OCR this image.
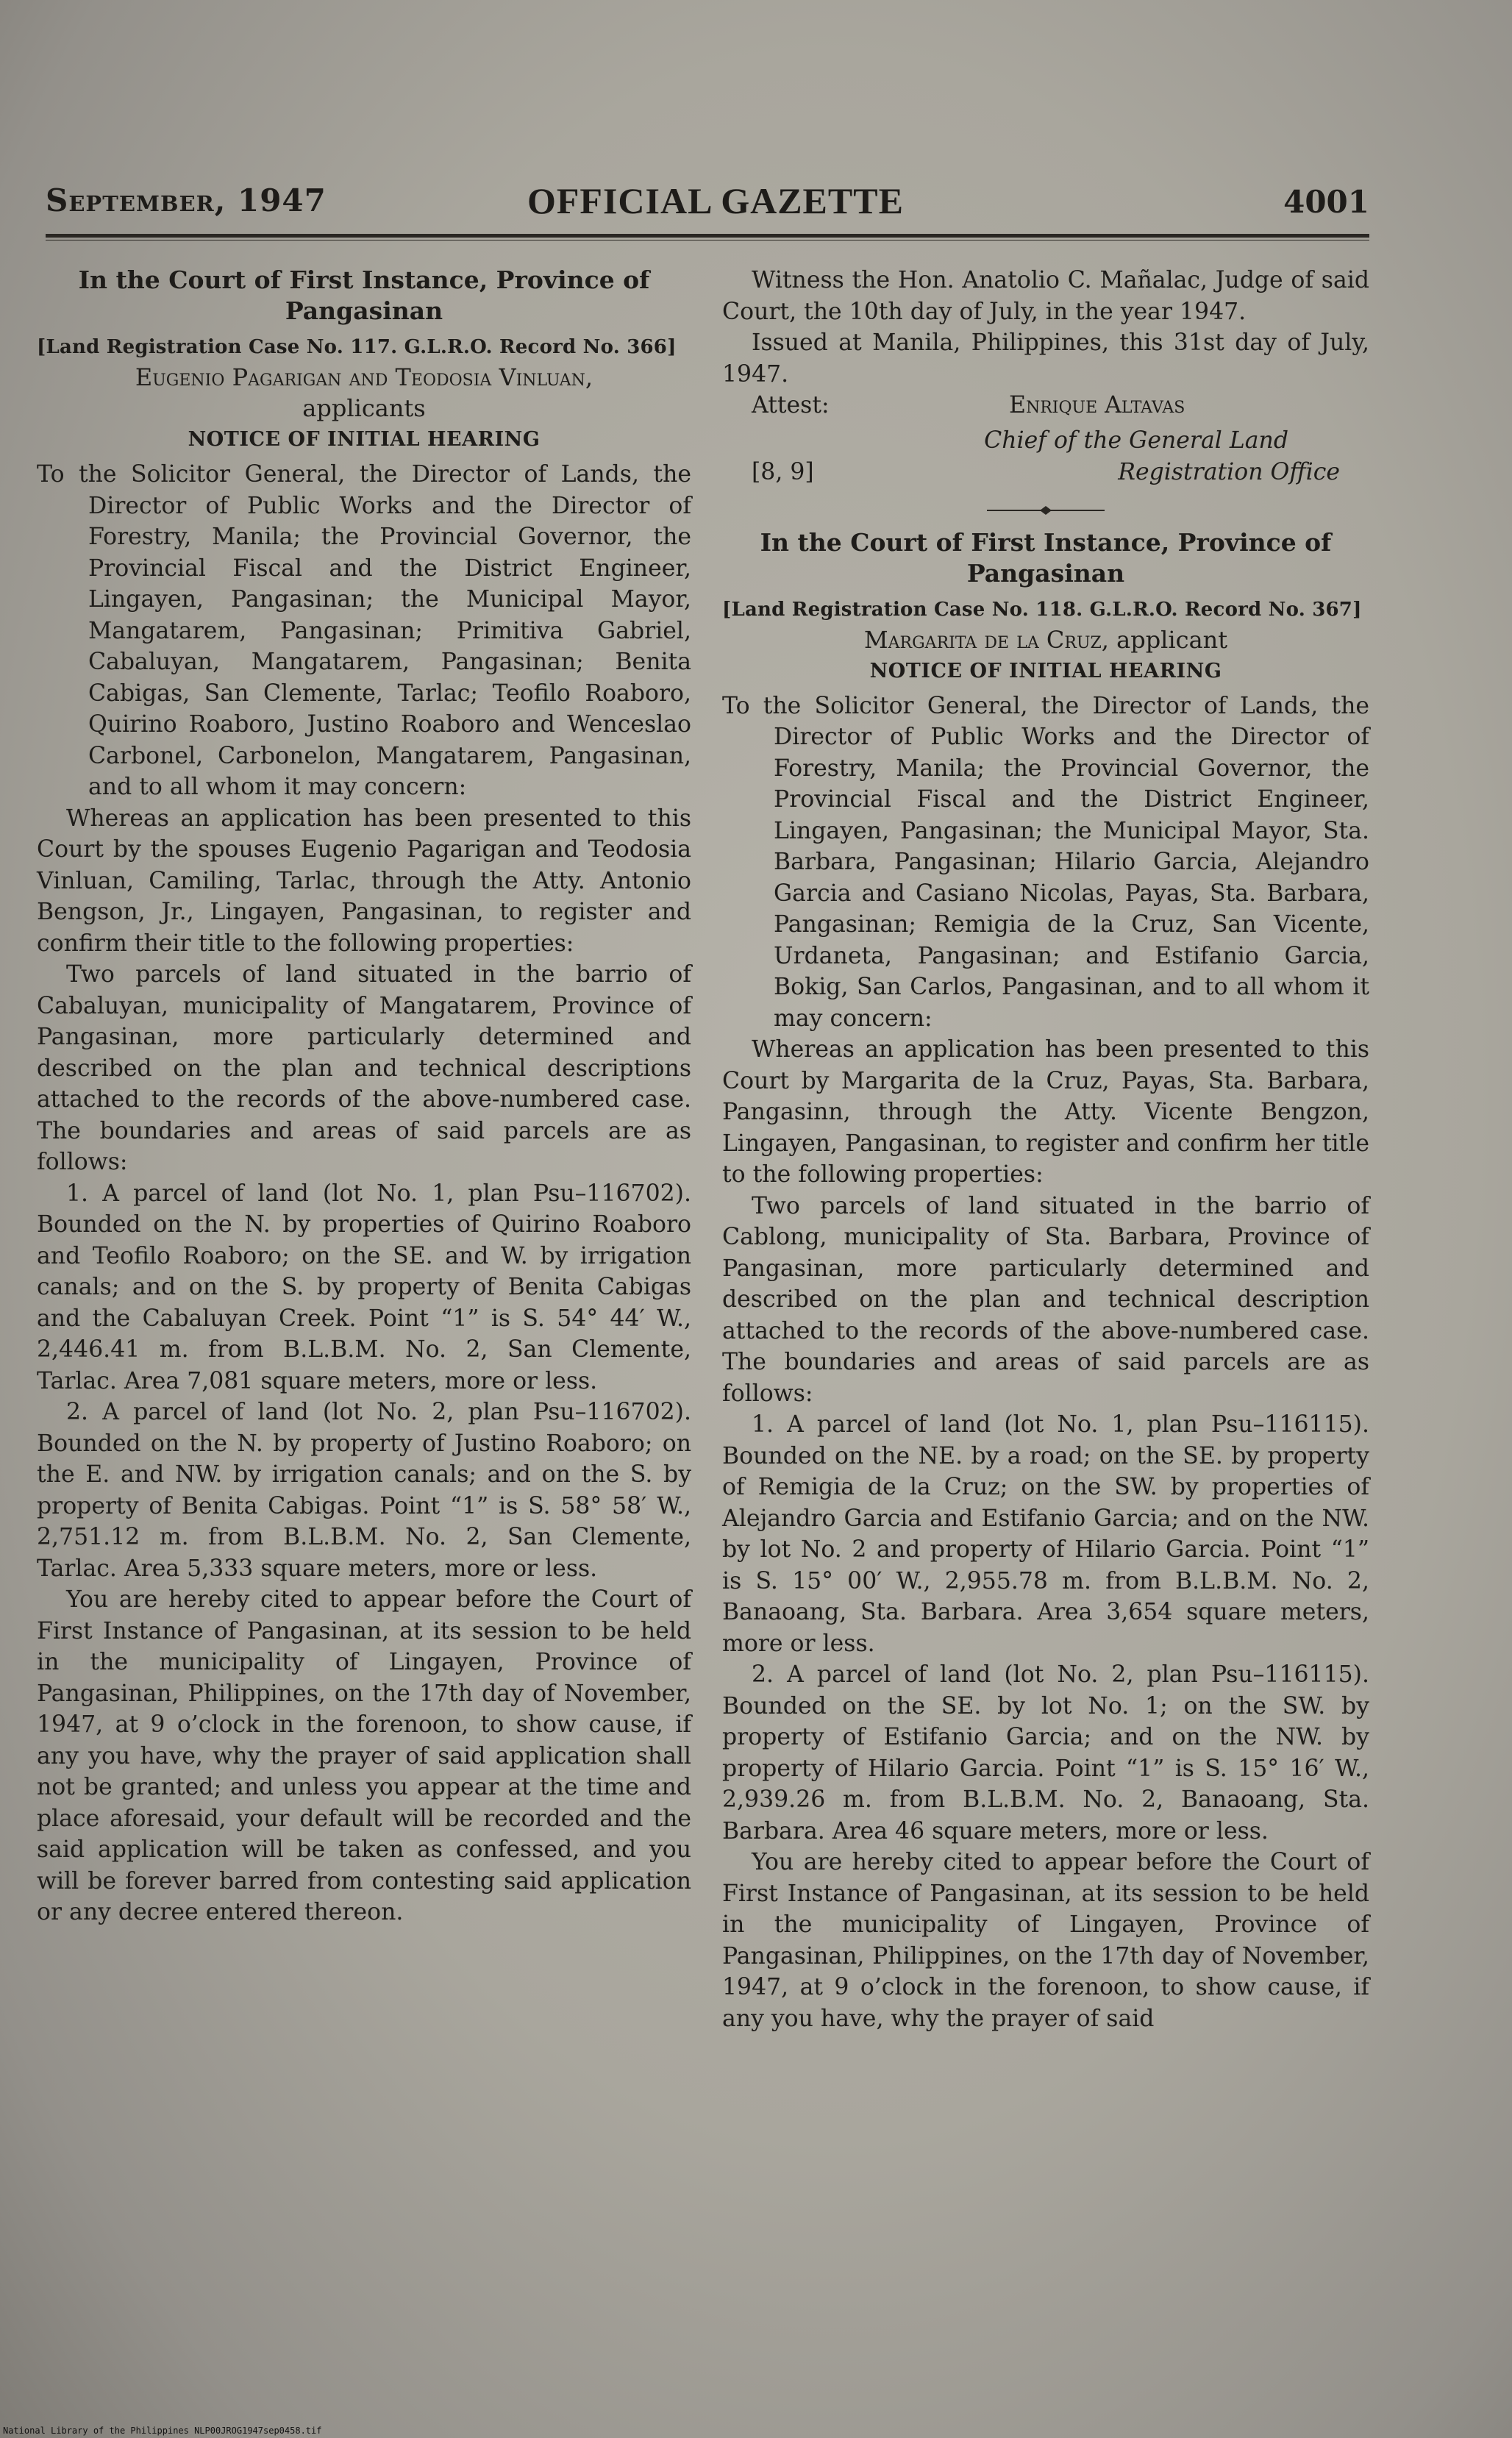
September, 1947	OFFICIAL GAZETTE	4001
In the Court of First Instance, Province of Pangasinan
[Land Registration Case No. 117. G.L.R.O. Record No. 366]
Eugenio Pagarigan and Teodosia Vinluan,
applicants
NOTICE OF INITIAL HEARING

To the Solicitor General, the Director of Lands, the Director of Public Works and the Director of Forestry, Manila; the Provincial Governor, the Provincial Fiscal and the District Engineer, Lingayen, Pangasinan; the Municipal Mayor, Mangatarem, Pangasinan; Primitiva Gabriel, Cabaluyan, Mangatarem, Pangasinan; Benita Cabigas, San Clemente, Tarlac; Teofilo Roaboro, Quirino Roaboro, Justino Roaboro and Wenceslao Carbonel, Carbonelon, Mangatarem, Pangasinan, and to all whom it may concern:

Whereas an application has been presented to this Court by the spouses Eugenio Pagarigan and Teodosia Vinluan, Camiling, Tarlac, through the Atty. Antonio Bengson, Jr., Lingayen, Pangasinan, to register and confirm their title to the following properties:

Two parcels of land situated in the barrio of Cabaluyan, municipality of Mangatarem, Province of Pangasinan, more particularly determined and described on the plan and technical descriptions attached to the records of the above-numbered case. The boundaries and areas of said parcels are as follows:

1. A parcel of land (lot No. 1, plan Psu–116702). Bounded on the N. by properties of Quirino Roaboro and Teofilo Roaboro; on the SE. and W. by irrigation canals; and on the S. by property of Benita Cabigas and the Cabaluyan Creek. Point “1” is S. 54° 44′ W., 2,446.41 m. from B.L.B.M. No. 2, San Clemente, Tarlac. Area 7,081 square meters, more or less.

2. A parcel of land (lot No. 2, plan Psu–116702). Bounded on the N. by property of Justino Roaboro; on the E. and NW. by irrigation canals; and on the S. by property of Benita Cabigas. Point “1” is S. 58° 58′ W., 2,751.12 m. from B.L.B.M. No. 2, San Clemente, Tarlac. Area 5,333 square meters, more or less.

You are hereby cited to appear before the Court of First Instance of Pangasinan, at its session to be held in the municipality of Lingayen, Province of Pangasinan, Philippines, on the 17th day of November, 1947, at 9 o’clock in the forenoon, to show cause, if any you have, why the prayer of said application shall not be granted; and unless you appear at the time and place aforesaid, your default will be recorded and the said application will be taken as confessed, and you will be forever barred from contesting said application or any decree entered thereon.

Witness the Hon. Anatolio C. Mañalac, Judge of said Court, the 10th day of July, in the year 1947.

Issued at Manila, Philippines, this 31st day of July, 1947.

Attest:	Enrique Altavas
Chief of the General Land
[8, 9]	Registration Office
In the Court of First Instance, Province of Pangasinan
[Land Registration Case No. 118. G.L.R.O. Record No. 367]
Margarita de la Cruz, applicant
NOTICE OF INITIAL HEARING

To the Solicitor General, the Director of Lands, the Director of Public Works and the Director of Forestry, Manila; the Provincial Governor, the Provincial Fiscal and the District Engineer, Lingayen, Pangasinan; the Municipal Mayor, Sta. Barbara, Pangasinan; Hilario Garcia, Alejandro Garcia and Casiano Nicolas, Payas, Sta. Barbara, Pangasinan; Remigia de la Cruz, San Vicente, Urdaneta, Pangasinan; and Estifanio Garcia, Bokig, San Carlos, Pangasinan, and to all whom it may concern:

Whereas an application has been presented to this Court by Margarita de la Cruz, Payas, Sta. Barbara, Pangasinn, through the Atty. Vicente Bengzon, Lingayen, Pangasinan, to register and confirm her title to the following properties:

Two parcels of land situated in the barrio of Cablong, municipality of Sta. Barbara, Province of Pangasinan, more particularly determined and described on the plan and technical description attached to the records of the above-numbered case. The boundaries and areas of said parcels are as follows:

1. A parcel of land (lot No. 1, plan Psu–116115). Bounded on the NE. by a road; on the SE. by property of Remigia de la Cruz; on the SW. by properties of Alejandro Garcia and Estifanio Garcia; and on the NW. by lot No. 2 and property of Hilario Garcia. Point “1” is S. 15° 00′ W., 2,955.78 m. from B.L.B.M. No. 2, Banaoang, Sta. Barbara. Area 3,654 square meters, more or less.

2. A parcel of land (lot No. 2, plan Psu–116115). Bounded on the SE. by lot No. 1; on the SW. by property of Estifanio Garcia; and on the NW. by property of Hilario Garcia. Point “1” is S. 15° 16′ W., 2,939.26 m. from B.L.B.M. No. 2, Banaoang, Sta. Barbara. Area 46 square meters, more or less.

You are hereby cited to appear before the Court of First Instance of Pangasinan, at its session to be held in the municipality of Lingayen, Province of Pangasinan, Philippines, on the 17th day of November, 1947, at 9 o’clock in the forenoon, to show cause, if any you have, why the prayer of said

National Library of the Philippines NLP00JROG1947sep0458.tif
